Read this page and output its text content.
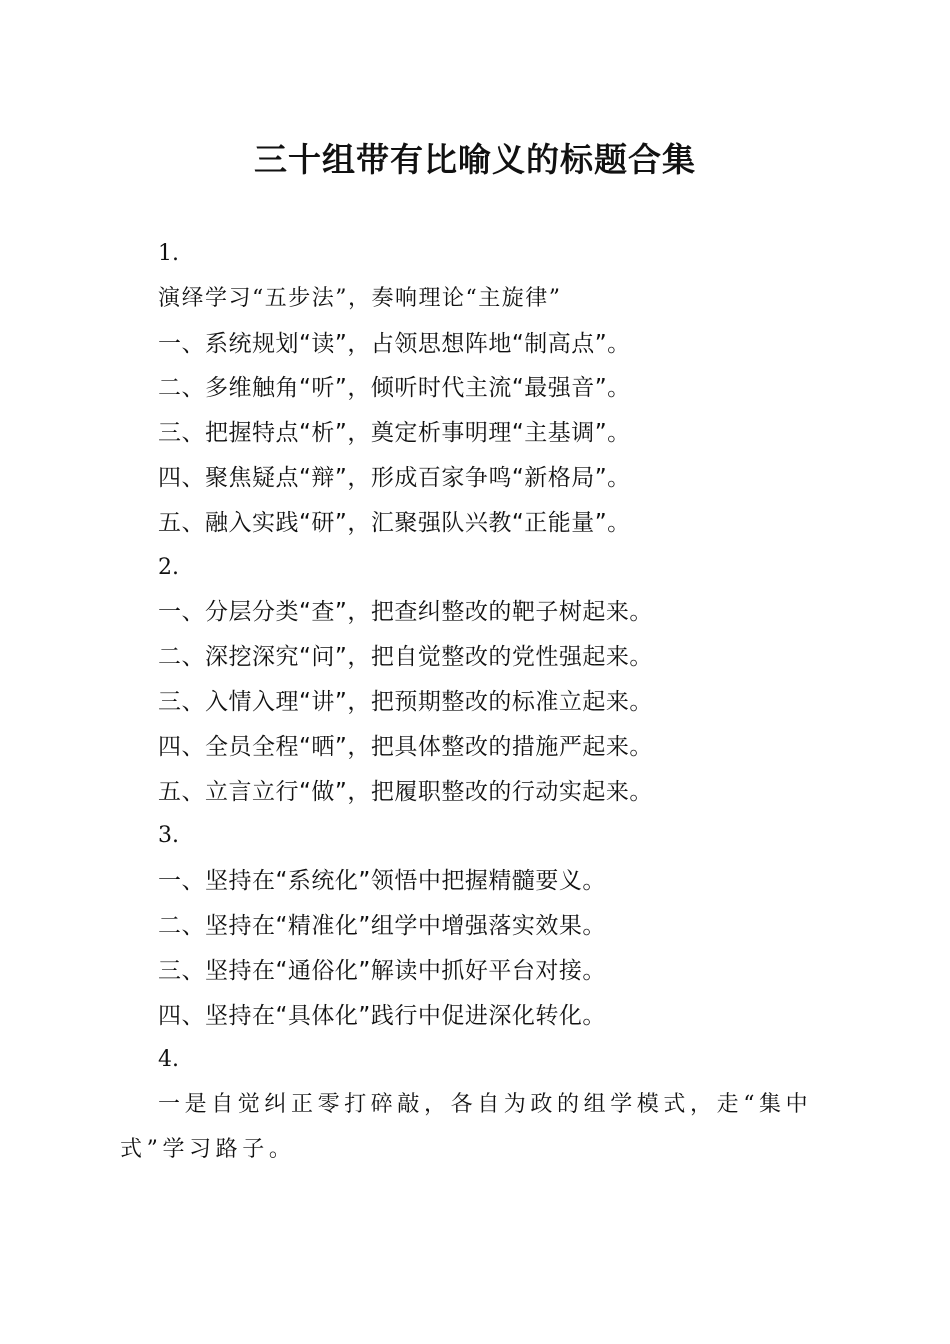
三十组带有比喻义的标题合集
1.
演绎学习“五步法”，奏响理论“主旋律”
一、系统规划“读”，占领思想阵地“制高点”。
二、多维触角“听”，倾听时代主流“最强音”。
三、把握特点“析”，奠定析事明理“主基调”。
四、聚焦疑点“辩”，形成百家争鸣“新格局”。
五、融入实践“研”，汇聚强队兴教“正能量”。
2.
一、分层分类“查”，把查纠整改的靶子树起来。
二、深挖深究“问”，把自觉整改的党性强起来。
三、入情入理“讲”，把预期整改的标准立起来。
四、全员全程“晒”，把具体整改的措施严起来。
五、立言立行“做”，把履职整改的行动实起来。
3.
一、坚持在“系统化”领悟中把握精髓要义。
二、坚持在“精准化”组学中增强落实效果。
三、坚持在“通俗化”解读中抓好平台对接。
四、坚持在“具体化”践行中促进深化转化。
4.
一是自觉纠正零打碎敲，各自为政的组学模式，走“集中式”学习路子。
